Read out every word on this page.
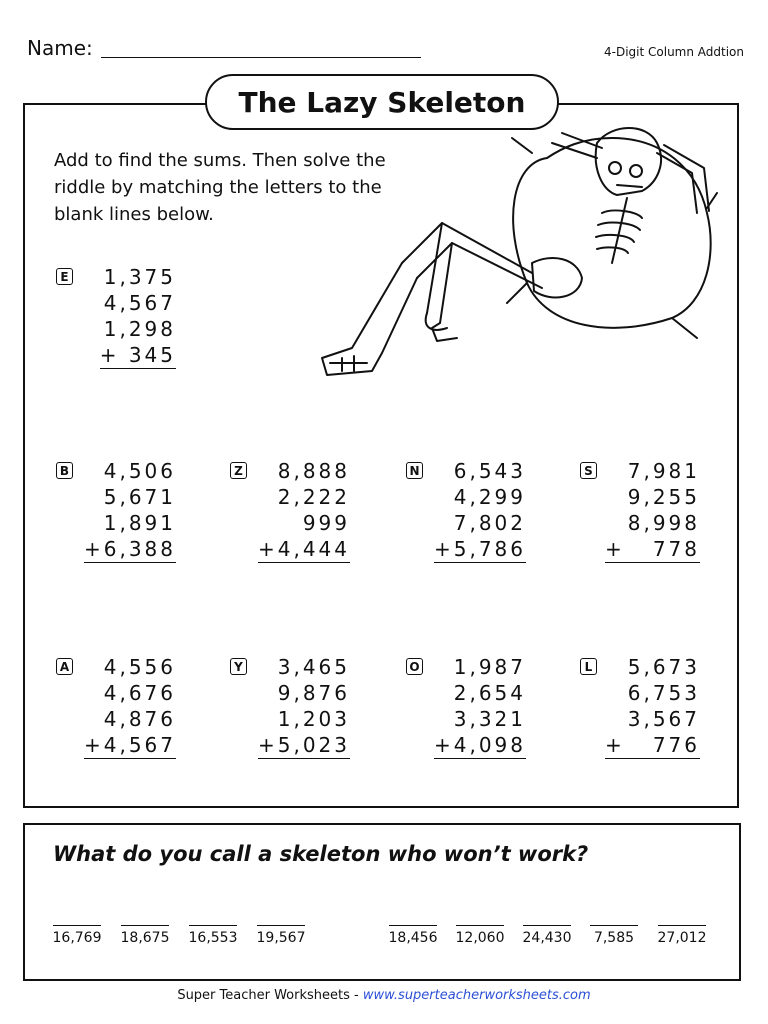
Name:	4-Digit Column Addtion
The Lazy Skeleton
Add to find the sums. Then solve the riddle by matching the letters to the blank lines below.
E 1,375
4,567
1,298
+ 345
B	4,506
5,671
1,891
+6,388
Z	8,888
2,222
999
+4,444
N	6,543
4,299
7,802
+5,786
S	7,981
9,255
8,998
+   778
A	4,556
4,676
4,876
+4,567
Y	3,465
9,876
1,203
+5,023
O	1,987
2,654
3,321
+4,098
L	5,673
6,753
3,567
+   776
What do you call a skeleton who won’t work?
16,769 18,675 16,553 19,567	18,456 12,060 24,430	7,585	27,012
Super Teacher Worksheets - www.superteacherworksheets.com
